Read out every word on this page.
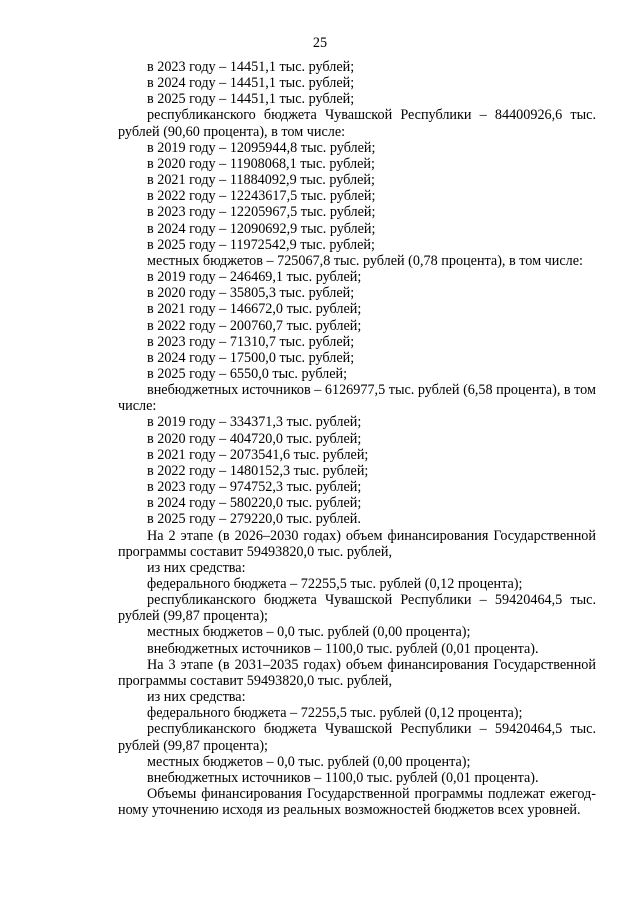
25
в 2023 году – 14451,1 тыс. рублей;
в 2024 году – 14451,1 тыс. рублей;
в 2025 году – 14451,1 тыс. рублей;
республиканского бюджета Чувашской Республики – 84400926,6 тыс.
рублей (90,60 процента), в том числе:
в 2019 году – 12095944,8 тыс. рублей;
в 2020 году – 11908068,1 тыс. рублей;
в 2021 году – 11884092,9 тыс. рублей;
в 2022 году – 12243617,5 тыс. рублей;
в 2023 году – 12205967,5 тыс. рублей;
в 2024 году – 12090692,9 тыс. рублей;
в 2025 году – 11972542,9 тыс. рублей;
местных бюджетов – 725067,8 тыс. рублей (0,78 процента), в том числе:
в 2019 году – 246469,1 тыс. рублей;
в 2020 году – 35805,3 тыс. рублей;
в 2021 году – 146672,0 тыс. рублей;
в 2022 году – 200760,7 тыс. рублей;
в 2023 году – 71310,7 тыс. рублей;
в 2024 году – 17500,0 тыс. рублей;
в 2025 году – 6550,0 тыс. рублей;
внебюджетных источников – 6126977,5 тыс. рублей (6,58 процента), в том
числе:
в 2019 году – 334371,3 тыс. рублей;
в 2020 году – 404720,0 тыс. рублей;
в 2021 году – 2073541,6 тыс. рублей;
в 2022 году – 1480152,3 тыс. рублей;
в 2023 году – 974752,3 тыс. рублей;
в 2024 году – 580220,0 тыс. рублей;
в 2025 году – 279220,0 тыс. рублей.
На 2 этапе (в 2026–2030 годах) объем финансирования Государственной
программы составит 59493820,0 тыс. рублей,
из них средства:
федерального бюджета – 72255,5 тыс. рублей (0,12 процента);
республиканского бюджета Чувашской Республики – 59420464,5 тыс.
рублей (99,87 процента);
местных бюджетов – 0,0 тыс. рублей (0,00 процента);
внебюджетных источников – 1100,0 тыс. рублей (0,01 процента).
На 3 этапе (в 2031–2035 годах) объем финансирования Государственной
программы составит 59493820,0 тыс. рублей,
из них средства:
федерального бюджета – 72255,5 тыс. рублей (0,12 процента);
республиканского бюджета Чувашской Республики – 59420464,5 тыс.
рублей (99,87 процента);
местных бюджетов – 0,0 тыс. рублей (0,00 процента);
внебюджетных источников – 1100,0 тыс. рублей (0,01 процента).
Объемы финансирования Государственной программы подлежат ежегод-
ному уточнению исходя из реальных возможностей бюджетов всех уровней.
